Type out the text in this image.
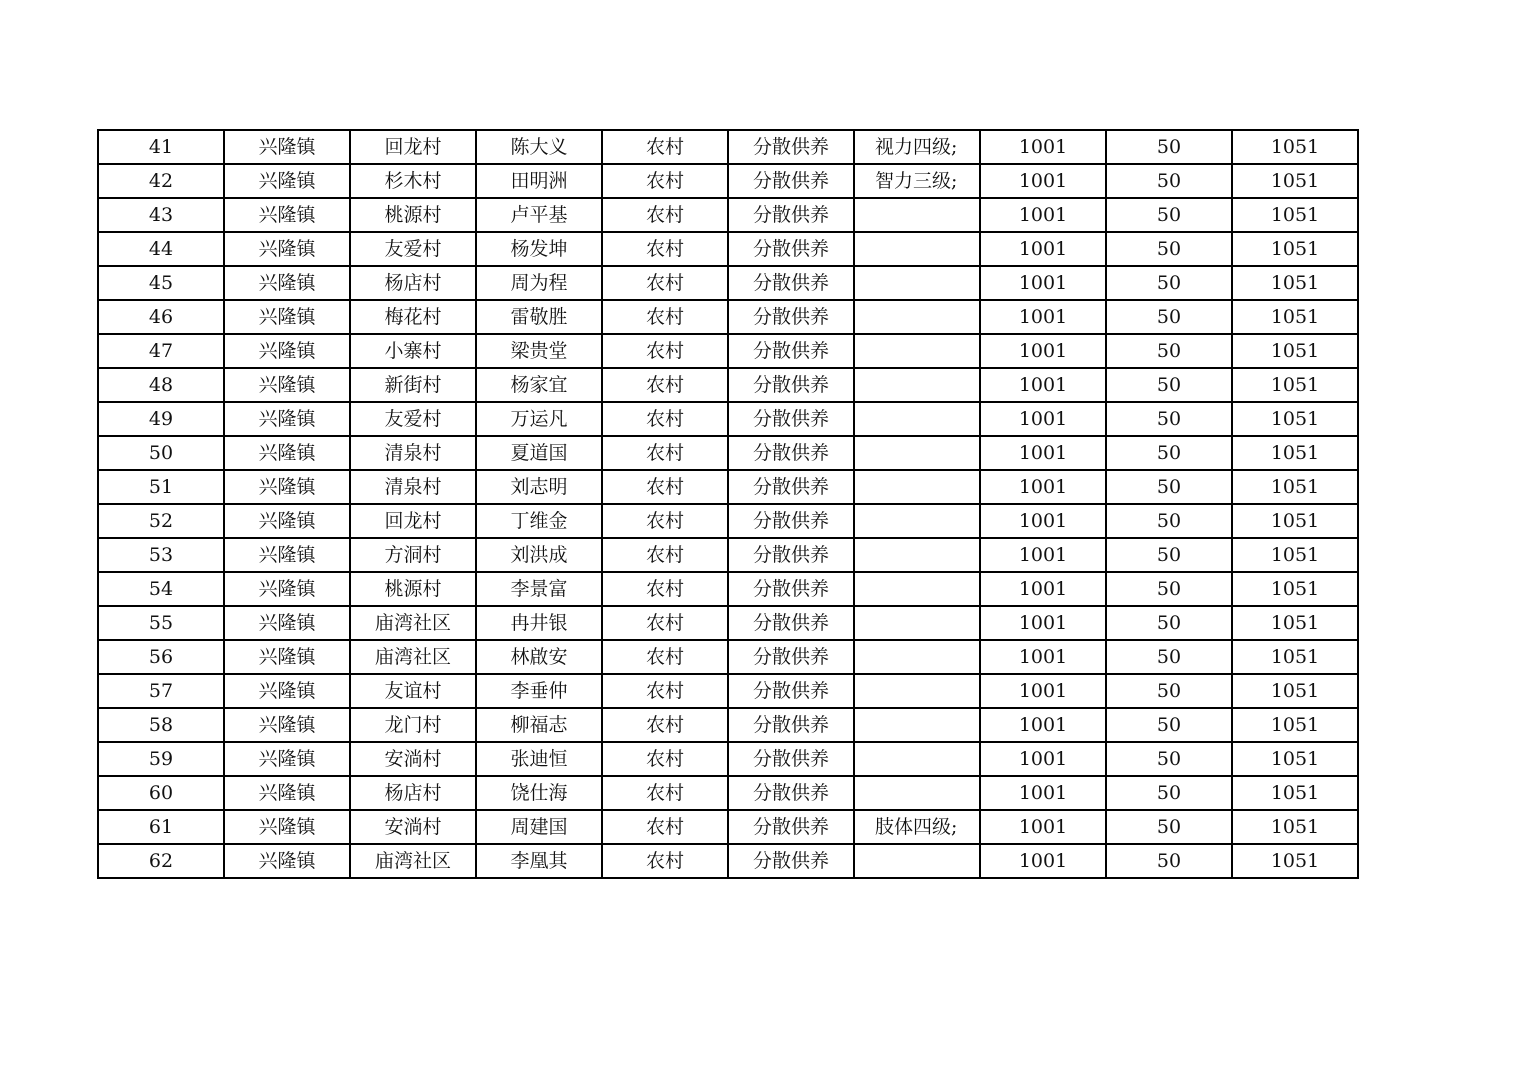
41	兴隆镇	回龙村	陈大义	农村	分散供养	视力四级;	1001	50	1051
42	兴隆镇	杉木村	田明洲	农村	分散供养	智力三级;	1001	50	1051
43	兴隆镇	桃源村	卢平基	农村	分散供养		1001	50	1051
44	兴隆镇	友爱村	杨发坤	农村	分散供养		1001	50	1051
45	兴隆镇	杨店村	周为程	农村	分散供养		1001	50	1051
46	兴隆镇	梅花村	雷敬胜	农村	分散供养		1001	50	1051
47	兴隆镇	小寨村	梁贵堂	农村	分散供养		1001	50	1051
48	兴隆镇	新街村	杨家宜	农村	分散供养		1001	50	1051
49	兴隆镇	友爱村	万运凡	农村	分散供养		1001	50	1051
50	兴隆镇	清泉村	夏道国	农村	分散供养		1001	50	1051
51	兴隆镇	清泉村	刘志明	农村	分散供养		1001	50	1051
52	兴隆镇	回龙村	丁维金	农村	分散供养		1001	50	1051
53	兴隆镇	方洞村	刘洪成	农村	分散供养		1001	50	1051
54	兴隆镇	桃源村	李景富	农村	分散供养		1001	50	1051
55	兴隆镇	庙湾社区	冉井银	农村	分散供养		1001	50	1051
56	兴隆镇	庙湾社区	林啟安	农村	分散供养		1001	50	1051
57	兴隆镇	友谊村	李垂仲	农村	分散供养		1001	50	1051
58	兴隆镇	龙门村	柳福志	农村	分散供养		1001	50	1051
59	兴隆镇	安淌村	张迪恒	农村	分散供养		1001	50	1051
60	兴隆镇	杨店村	饶仕海	农村	分散供养		1001	50	1051
61	兴隆镇	安淌村	周建国	农村	分散供养	肢体四级;	1001	50	1051
62	兴隆镇	庙湾社区	李凰其	农村	分散供养		1001	50	1051
